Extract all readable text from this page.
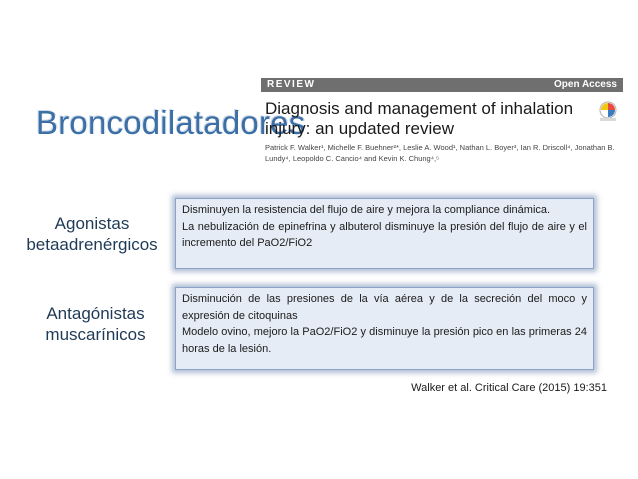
Broncodilatadores
REVIEW	Open Access
Diagnosis and management of inhalation injury: an updated review
Patrick F. Walker¹, Michelle F. Buehner²*, Leslie A. Wood¹, Nathan L. Boyer³, Ian R. Driscoll⁴, Jonathan B. Lundy⁴, Leopoldo C. Cancio⁴ and Kevin K. Chung⁴,⁵
Agonistas
betaadrenérgicos

Disminuyen la resistencia del flujo de aire y mejora la compliance dinámica.

La nebulización de epinefrina y albuterol disminuye la presión del flujo de aire y el incremento del PaO2/FiO2

Antagónistas
muscarínicos

Disminución de las presiones de la vía aérea y de la secreción del moco y expresión de citoquinas

Modelo ovino, mejoro la PaO2/FiO2 y disminuye la presión pico en las primeras 24 horas de la lesión.

Walker et al. Critical Care (2015) 19:351
